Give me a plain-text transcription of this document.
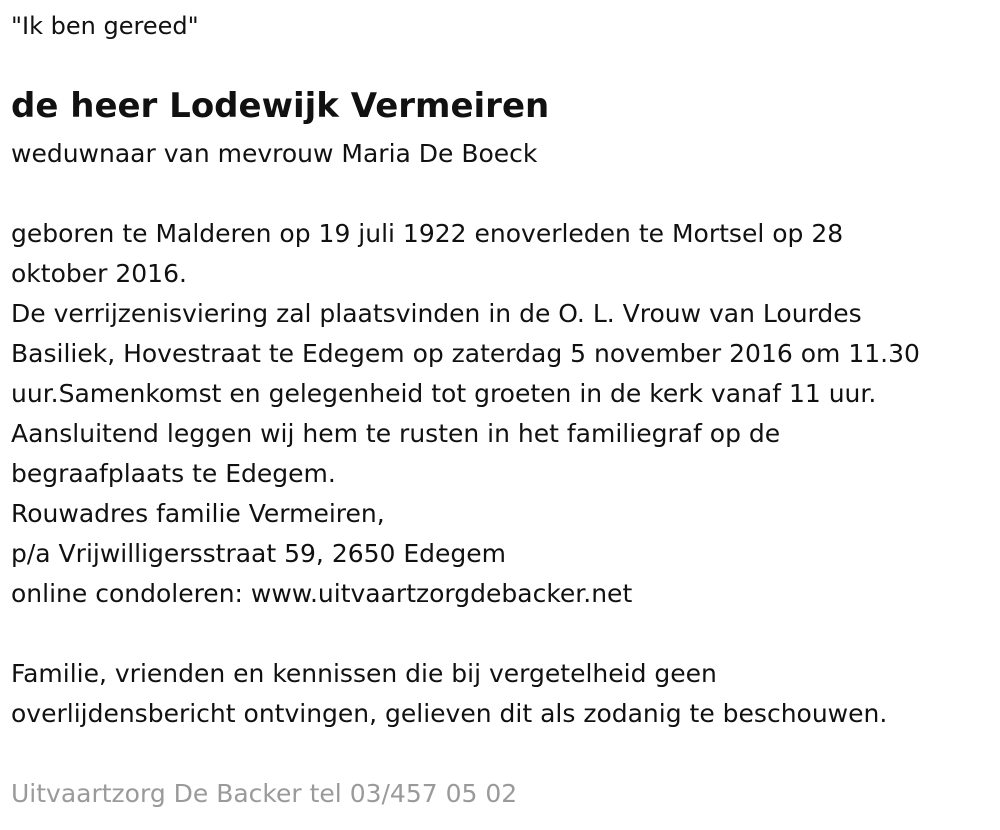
"Ik ben gereed"
de heer Lodewijk Vermeiren
weduwnaar van mevrouw Maria De Boeck
geboren te Malderen op 19 juli 1922 enoverleden te Mortsel op 28
oktober 2016.
De verrijzenisviering zal plaatsvinden in de O. L. Vrouw van Lourdes
Basiliek, Hovestraat te Edegem op zaterdag 5 november 2016 om 11.30
uur.Samenkomst en gelegenheid tot groeten in de kerk vanaf 11 uur.
Aansluitend leggen wij hem te rusten in het familiegraf op de
begraafplaats te Edegem.
Rouwadres familie Vermeiren,
p/a Vrijwilligersstraat 59, 2650 Edegem
online condoleren: www.uitvaartzorgdebacker.net
Familie, vrienden en kennissen die bij vergetelheid geen
overlijdensbericht ontvingen, gelieven dit als zodanig te beschouwen.
Uitvaartzorg De Backer tel 03/457 05 02
